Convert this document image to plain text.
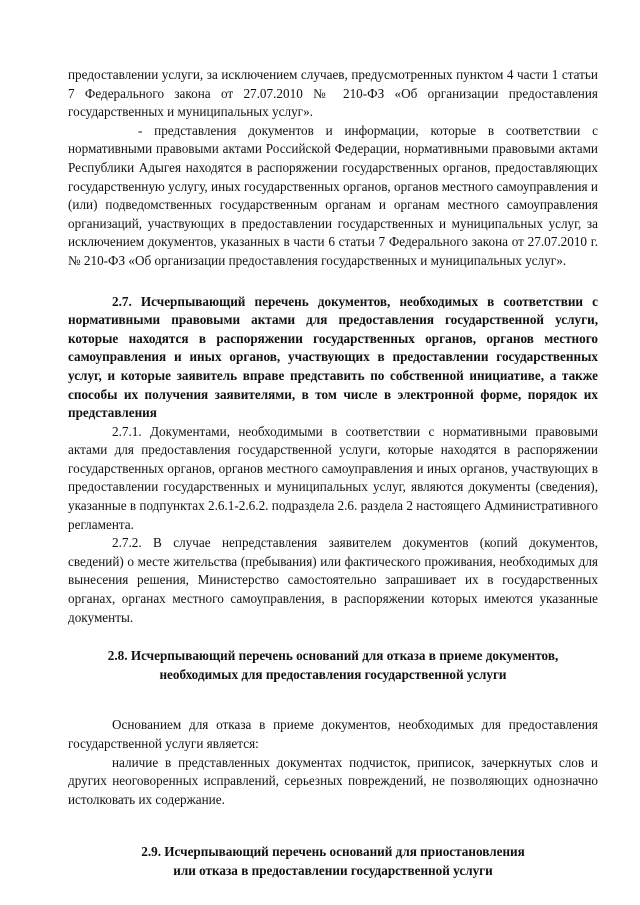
предоставлении услуги, за исключением случаев, предусмотренных пунктом 4 части 1 статьи 7 Федерального закона от 27.07.2010 № 210-ФЗ «Об организации предоставления государственных и муниципальных услуг».

- представления документов и информации, которые в соответствии с нормативными правовыми актами Российской Федерации, нормативными правовыми актами Республики Адыгея находятся в распоряжении государственных органов, предоставляющих государственную услугу, иных государственных органов, органов местного самоуправления и (или) подведомственных государственным органам и органам местного самоуправления организаций, участвующих в предоставлении государственных и муниципальных услуг, за исключением документов, указанных в части 6 статьи 7 Федерального закона от 27.07.2010 г. № 210-ФЗ «Об организации предоставления государственных и муниципальных услуг».

2.7. Исчерпывающий перечень документов, необходимых в соответствии с нормативными правовыми актами для предоставления государственной услуги, которые находятся в распоряжении государственных органов, органов местного самоуправления и иных органов, участвующих в предоставлении государственных услуг, и которые заявитель вправе представить по собственной инициативе, а также способы их получения заявителями, в том числе в электронной форме, порядок их представления

2.7.1. Документами, необходимыми в соответствии с нормативными правовыми актами для предоставления государственной услуги, которые находятся в распоряжении государственных органов, органов местного самоуправления и иных органов, участвующих в предоставлении государственных и муниципальных услуг, являются документы (сведения), указанные в подпунктах 2.6.1-2.6.2. подраздела 2.6. раздела 2 настоящего Административного регламента.

2.7.2. В случае непредставления заявителем документов (копий документов, сведений) о месте жительства (пребывания) или фактического проживания, необходимых для вынесения решения, Министерство самостоятельно запрашивает их в государственных органах, органах местного самоуправления, в распоряжении которых имеются указанные документы.

2.8. Исчерпывающий перечень оснований для отказа в приеме документов,
необходимых для предоставления государственной услуги

Основанием для отказа в приеме документов, необходимых для предоставления государственной услуги является:

наличие в представленных документах подчисток, приписок, зачеркнутых слов и других неоговоренных исправлений, серьезных повреждений, не позволяющих однозначно истолковать их содержание.

2.9. Исчерпывающий перечень оснований для приостановления
или отказа в предоставлении государственной услуги
